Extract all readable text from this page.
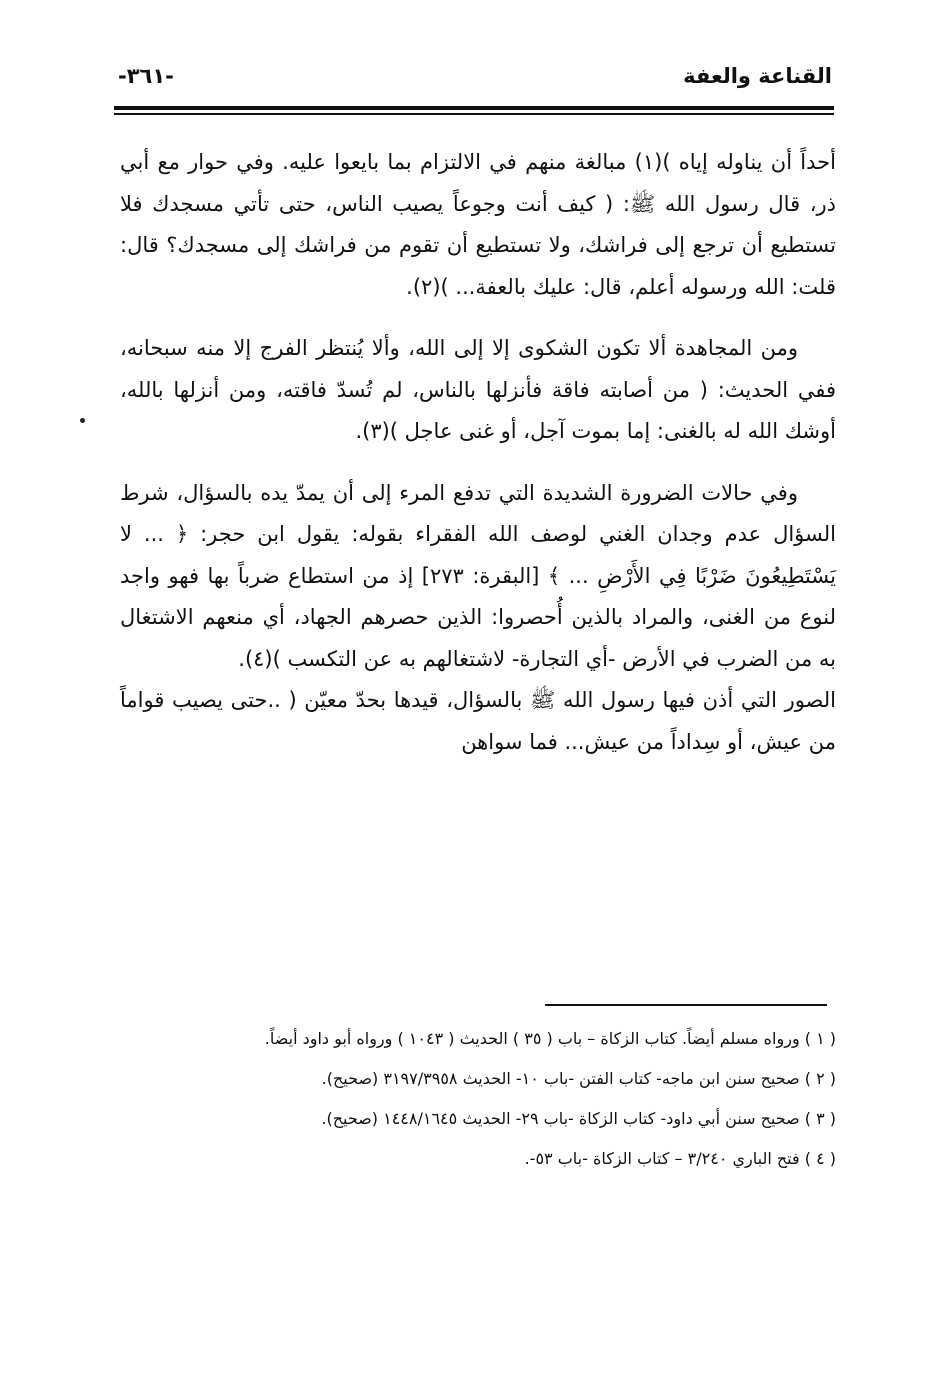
القناعة والعفة
-٣٦١-

أحداً أن يناوله إياه )(١) مبالغة منهم في الالتزام بما بايعوا عليه. وفي حوار مع أبي ذر، قال رسول الله ﷺ: ( كيف أنت وجوعاً يصيب الناس، حتى تأتي مسجدك فلا تستطيع أن ترجع إلى فراشك، ولا تستطيع أن تقوم من فراشك إلى مسجدك؟ قال: قلت: الله ورسوله أعلم، قال: عليك بالعفة... )(٢).

ومن المجاهدة ألا تكون الشكوى إلا إلى الله، وألا يُنتظر الفرج إلا منه سبحانه، ففي الحديث: ( من أصابته فاقة فأنزلها بالناس، لم تُسدّ فاقته، ومن أنزلها بالله، أوشك الله له بالغنى: إما بموت آجل، أو غنى عاجل )(٣).

وفي حالات الضرورة الشديدة التي تدفع المرء إلى أن يمدّ يده بالسؤال، شرط السؤال عدم وجدان الغني لوصف الله الفقراء بقوله: يقول ابن حجر: ﴿ ... لا يَسْتَطِيعُونَ ضَرْبًا فِي الأَرْضِ ... ﴾ [البقرة: ٢٧٣] إذ من استطاع ضرباً بها فهو واجد لنوع من الغنى، والمراد بالذين أُحصروا: الذين حصرهم الجهاد، أي منعهم الاشتغال به من الضرب في الأرض -أي التجارة- لاشتغالهم به عن التكسب )(٤).

الصور التي أذن فيها رسول الله ﷺ بالسؤال، قيدها بحدّ معيّن ( ..حتى يصيب قواماً من عيش، أو سِداداً من عيش... فما سواهن

( ١ ) ورواه مسلم أيضاً. كتاب الزكاة – باب ( ٣٥ ) الحديث ( ١٠٤٣ ) ورواه أبو داود أيضاً.

( ٢ ) صحيح سنن ابن ماجه- كتاب الفتن -باب ١٠- الحديث ٣١٩٧/٣٩٥٨ (صحيح).

( ٣ ) صحيح سنن أبي داود- كتاب الزكاة -باب ٢٩- الحديث ١٤٤٨/١٦٤٥ (صحيح).

( ٤ ) فتح الباري ٣/٢٤٠ – كتاب الزكاة -باب ٥٣-.
